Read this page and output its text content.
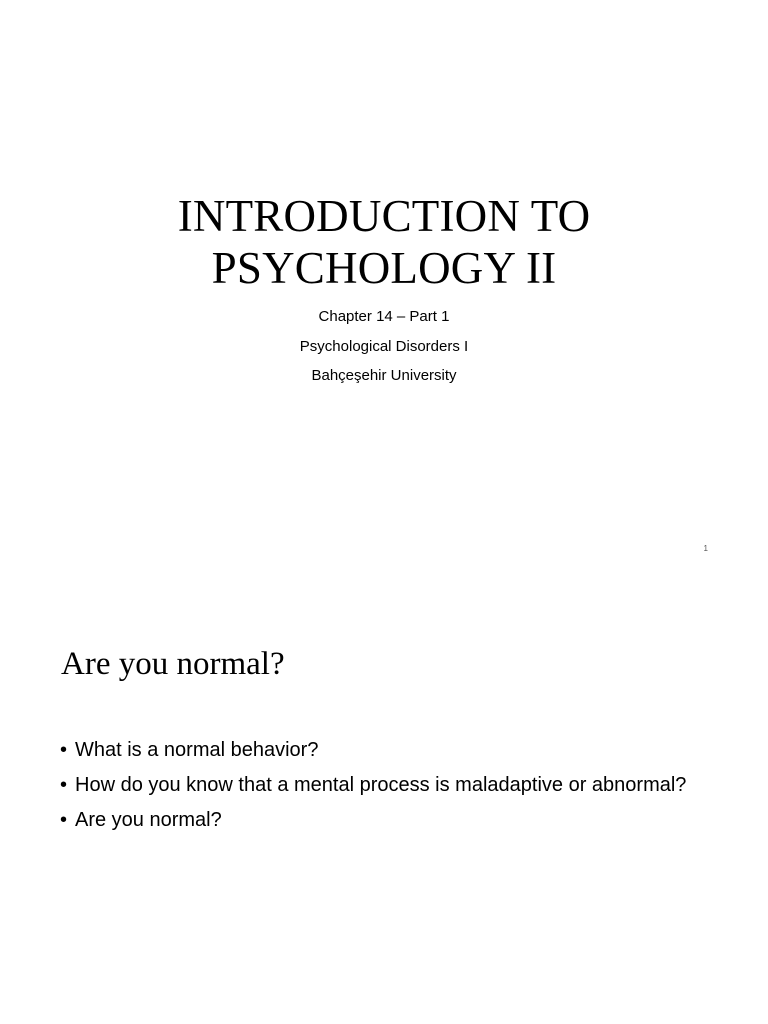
INTRODUCTION TO
PSYCHOLOGY II
Chapter 14 – Part 1
Psychological Disorders I
Bahçeşehir University
1
Are you normal?
• What is a normal behavior?
• How do you know that a mental process is maladaptive or abnormal?
• Are you normal?
